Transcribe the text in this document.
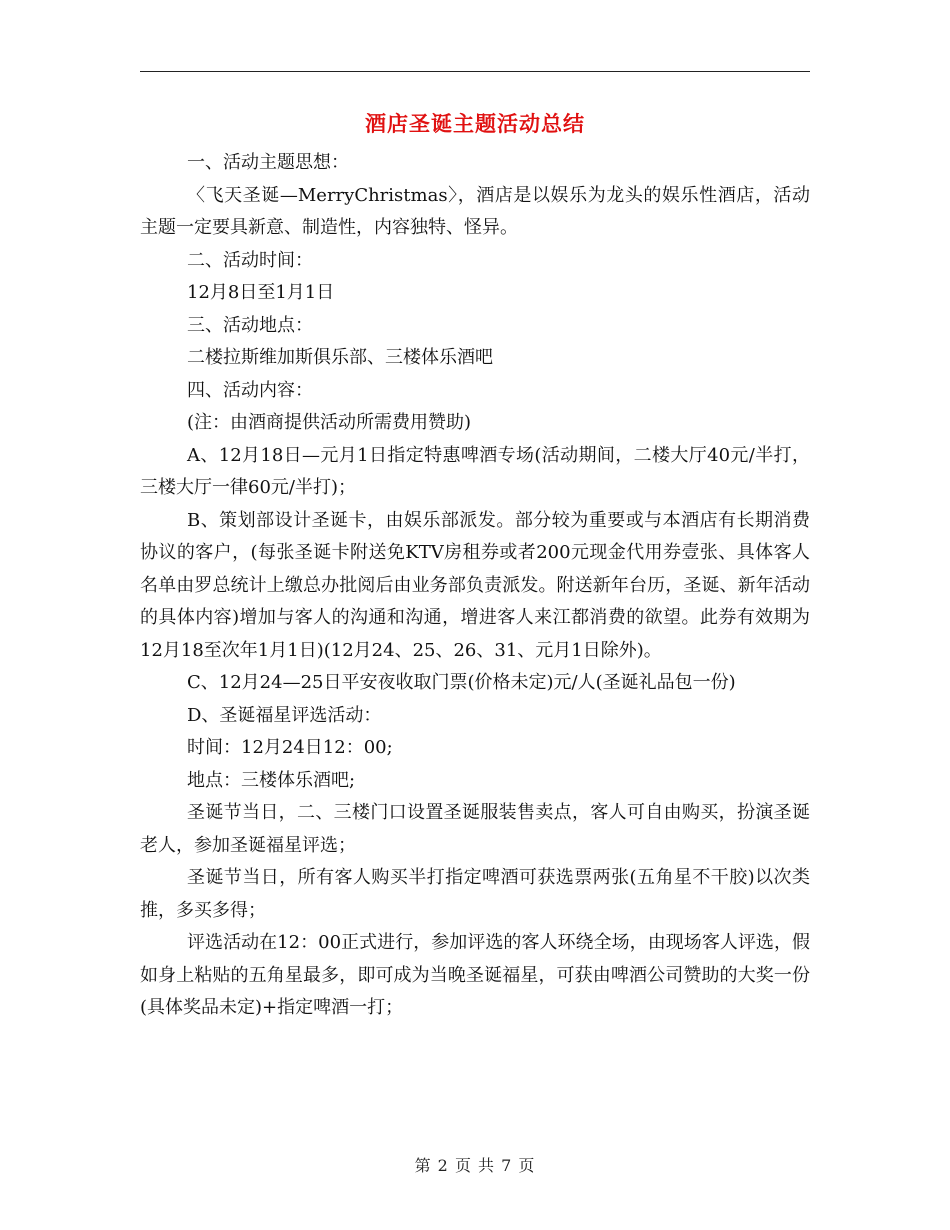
酒店圣诞主题活动总结

一、活动主题思想：

〈飞天圣诞—MerryChristmas〉，酒店是以娱乐为龙头的娱乐性酒店，活动主题一定要具新意、制造性，内容独特、怪异。

二、活动时间：

12月8日至1月1日

三、活动地点：

二楼拉斯维加斯俱乐部、三楼体乐酒吧

四、活动内容：

(注：由酒商提供活动所需费用赞助)

A、12月18日—元月1日指定特惠啤酒专场(活动期间，二楼大厅40元/半打，三楼大厅一律60元/半打)；

B、策划部设计圣诞卡，由娱乐部派发。部分较为重要或与本酒店有长期消费协议的客户，(每张圣诞卡附送免KTV房租券或者200元现金代用券壹张、具体客人名单由罗总统计上缴总办批阅后由业务部负责派发。附送新年台历，圣诞、新年活动的具体内容)增加与客人的沟通和沟通，增进客人来江都消费的欲望。此券有效期为12月18至次年1月1日)(12月24、25、26、31、元月1日除外)。

C、12月24—25日平安夜收取门票(价格未定)元/人(圣诞礼品包一份)

D、圣诞福星评选活动：

时间：12月24日12：00;

地点：三楼体乐酒吧;

圣诞节当日，二、三楼门口设置圣诞服装售卖点，客人可自由购买，扮演圣诞老人，参加圣诞福星评选；

圣诞节当日，所有客人购买半打指定啤酒可获选票两张(五角星不干胶)以次类推，多买多得；

评选活动在12：00正式进行，参加评选的客人环绕全场，由现场客人评选，假如身上粘贴的五角星最多，即可成为当晚圣诞福星，可获由啤酒公司赞助的大奖一份(具体奖品未定)+指定啤酒一打；

第 2 页 共 7 页
